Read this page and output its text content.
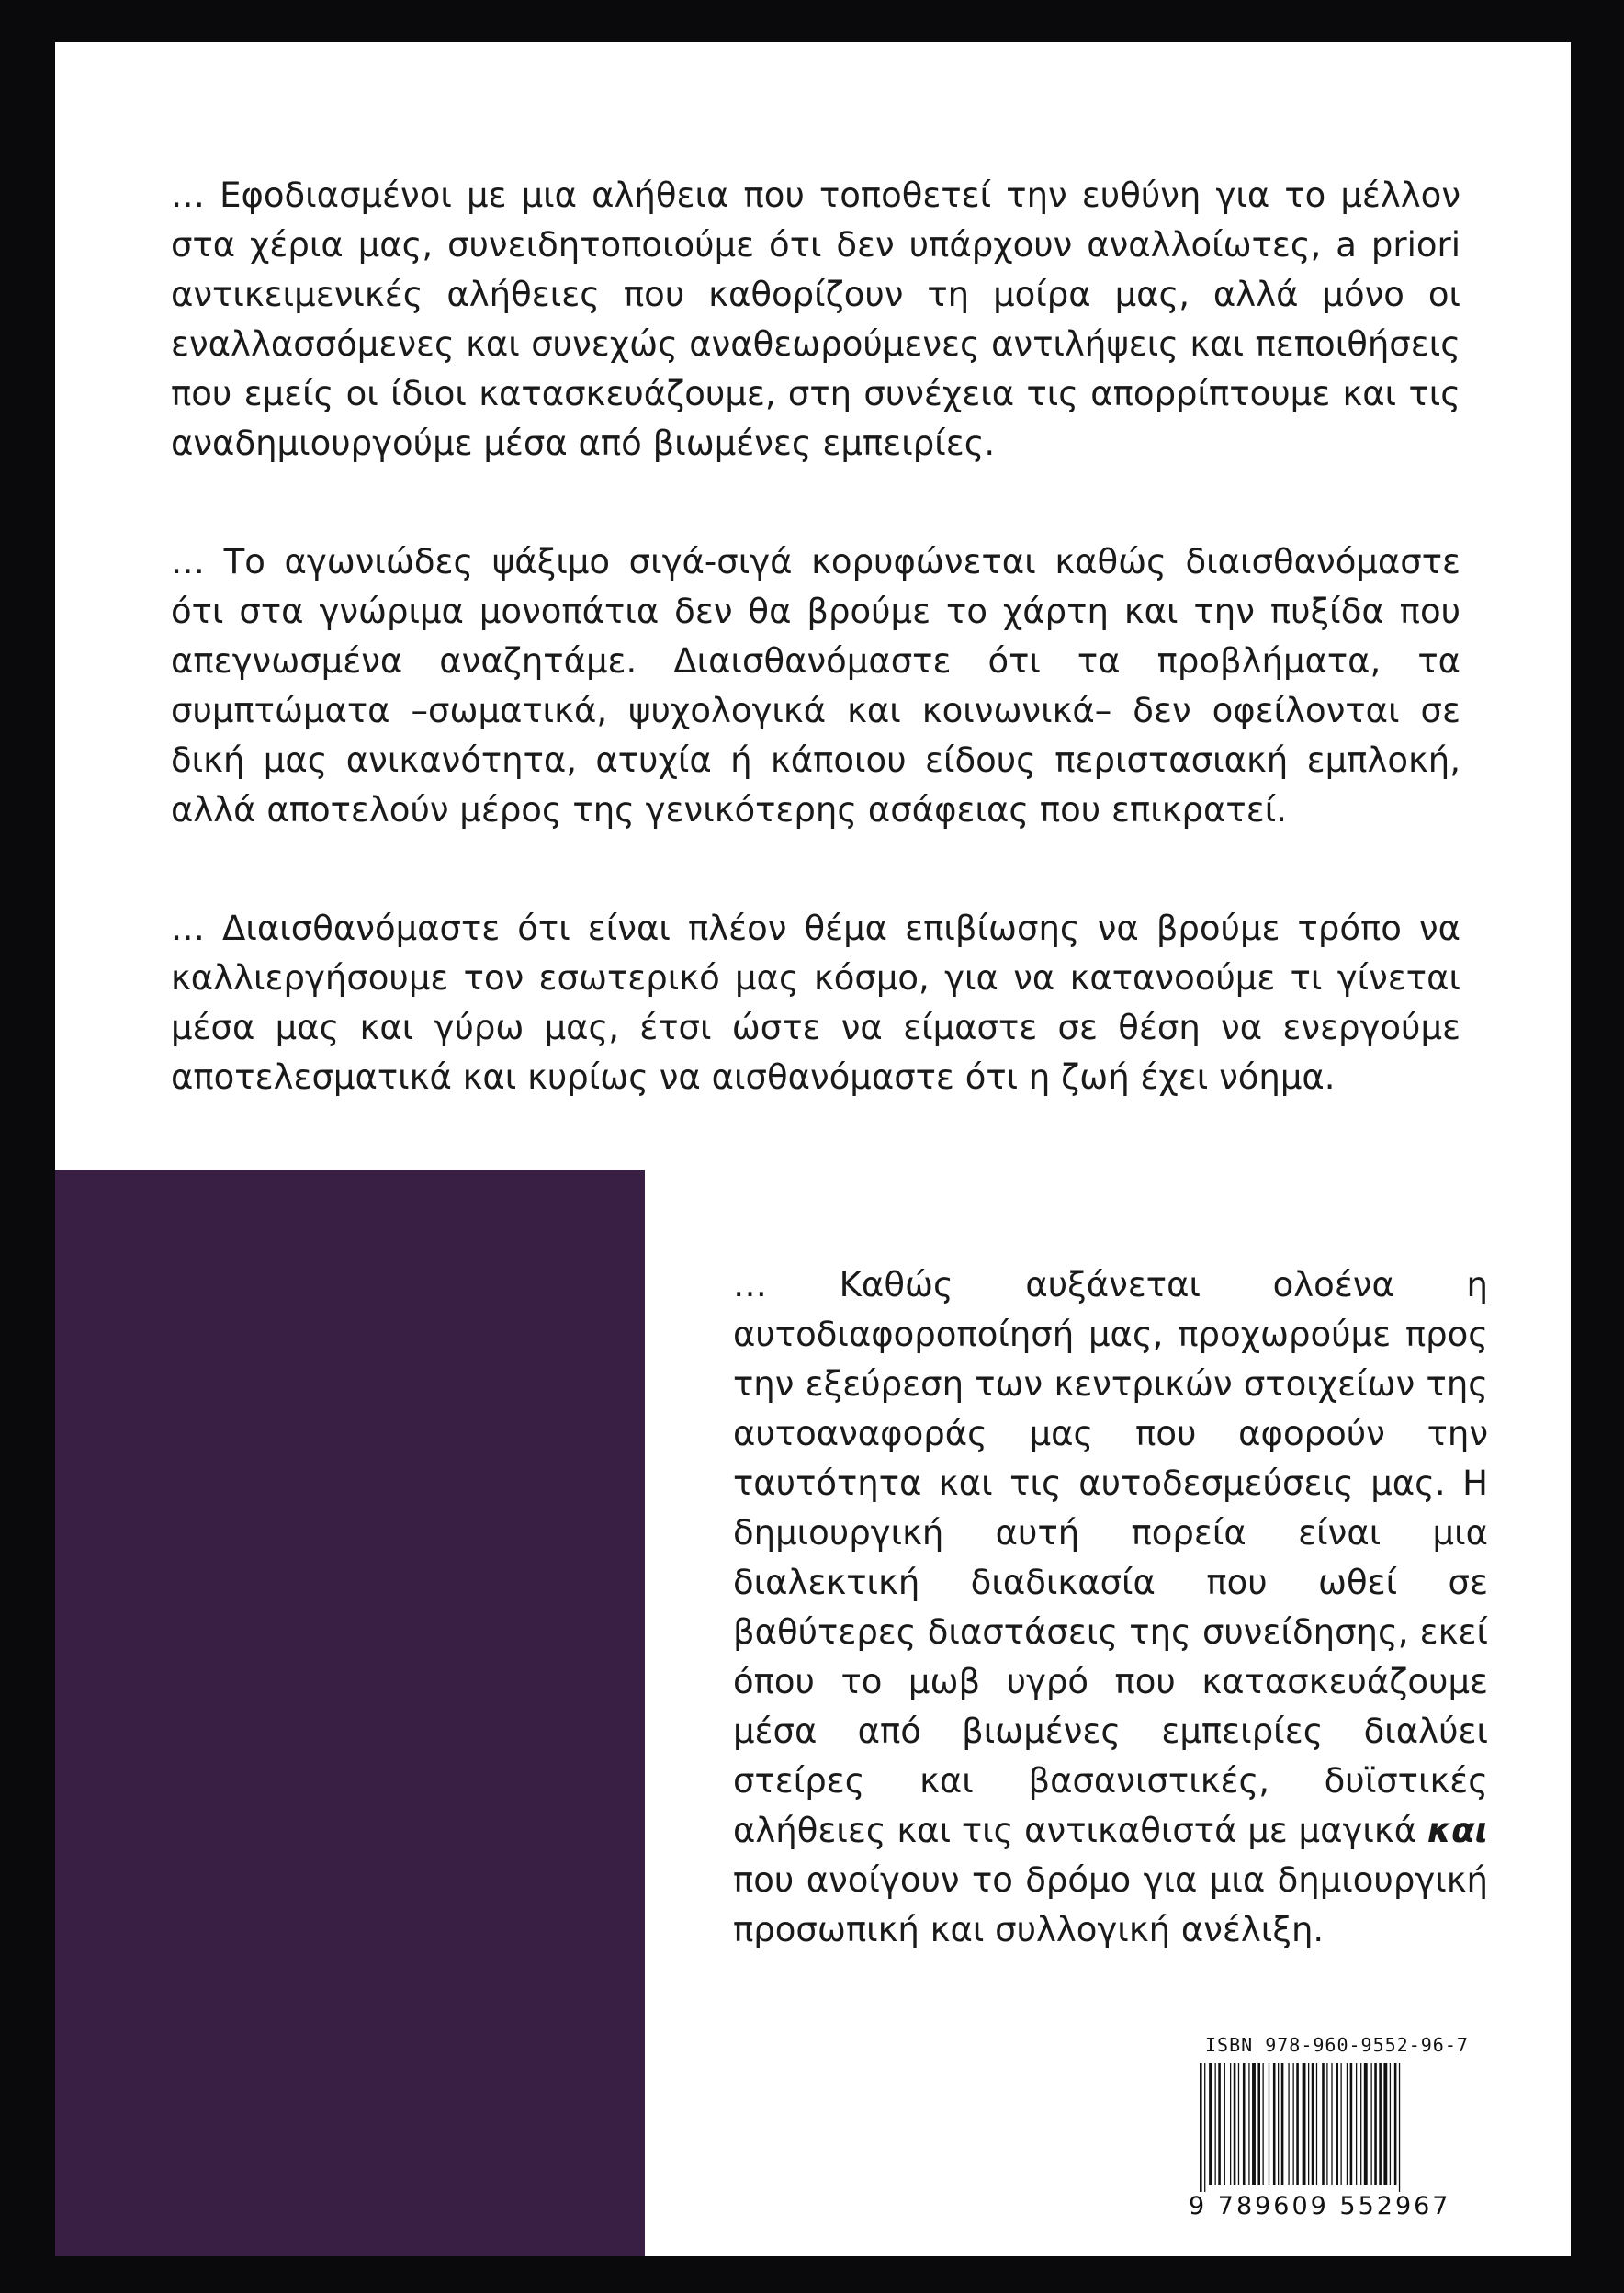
… Εφοδιασμένοι με μια αλήθεια που τοποθετεί την ευθύνη για το μέλλον στα χέρια μας, συνειδητοποιούμε ότι δεν υπάρχουν αναλλοίωτες, a priori αντικειμενικές αλήθειες που καθορίζουν τη μοίρα μας, αλλά μόνο οι εναλλασσόμενες και συνεχώς αναθεωρούμενες αντιλήψεις και πεποιθήσεις που εμείς οι ίδιοι κατασκευάζουμε, στη συνέχεια τις απορρίπτουμε και τις αναδημιουργούμε μέσα από βιωμένες εμπειρίες.

… Το αγωνιώδες ψάξιμο σιγά-σιγά κορυφώνεται καθώς διαισθανόμαστε ότι στα γνώριμα μονοπάτια δεν θα βρούμε το χάρτη και την πυξίδα που απεγνωσμένα αναζητάμε. Διαισθανόμαστε ότι τα προβλήματα, τα συμπτώματα –σωματικά, ψυχολογικά και κοινωνικά– δεν οφείλονται σε δική μας ανικανότητα, ατυχία ή κάποιου είδους περιστασιακή εμπλοκή, αλλά αποτελούν μέρος της γενικότερης ασάφειας που επικρατεί.

… Διαισθανόμαστε ότι είναι πλέον θέμα επιβίωσης να βρούμε τρόπο να καλλιεργήσουμε τον εσωτερικό μας κόσμο, για να κατανοούμε τι γίνεται μέσα μας και γύρω μας, έτσι ώστε να είμαστε σε θέση να ενεργούμε αποτελεσματικά και κυρίως να αισθανόμαστε ότι η ζωή έχει νόημα.

… Καθώς αυξάνεται ολοένα η αυτοδιαφοροποίησή μας, προχωρούμε προς την εξεύρεση των κεντρικών στοιχείων της αυτοαναφοράς μας που αφορούν την ταυτότητα και τις αυτοδεσμεύσεις μας. Η δημιουργική αυτή πορεία είναι μια διαλεκτική διαδικασία που ωθεί σε βαθύτερες διαστάσεις της συνείδησης, εκεί όπου το μωβ υγρό που κατασκευάζουμε μέσα από βιωμένες εμπειρίες διαλύει στείρες και βασανιστικές, δυϊστικές αλήθειες και τις αντικαθιστά με μαγικά και που ανοίγουν το δρόμο για μια δημιουργική προσωπική και συλλογική ανέλιξη.

ISBN 978-960-9552-96-7
9 789609 552967
